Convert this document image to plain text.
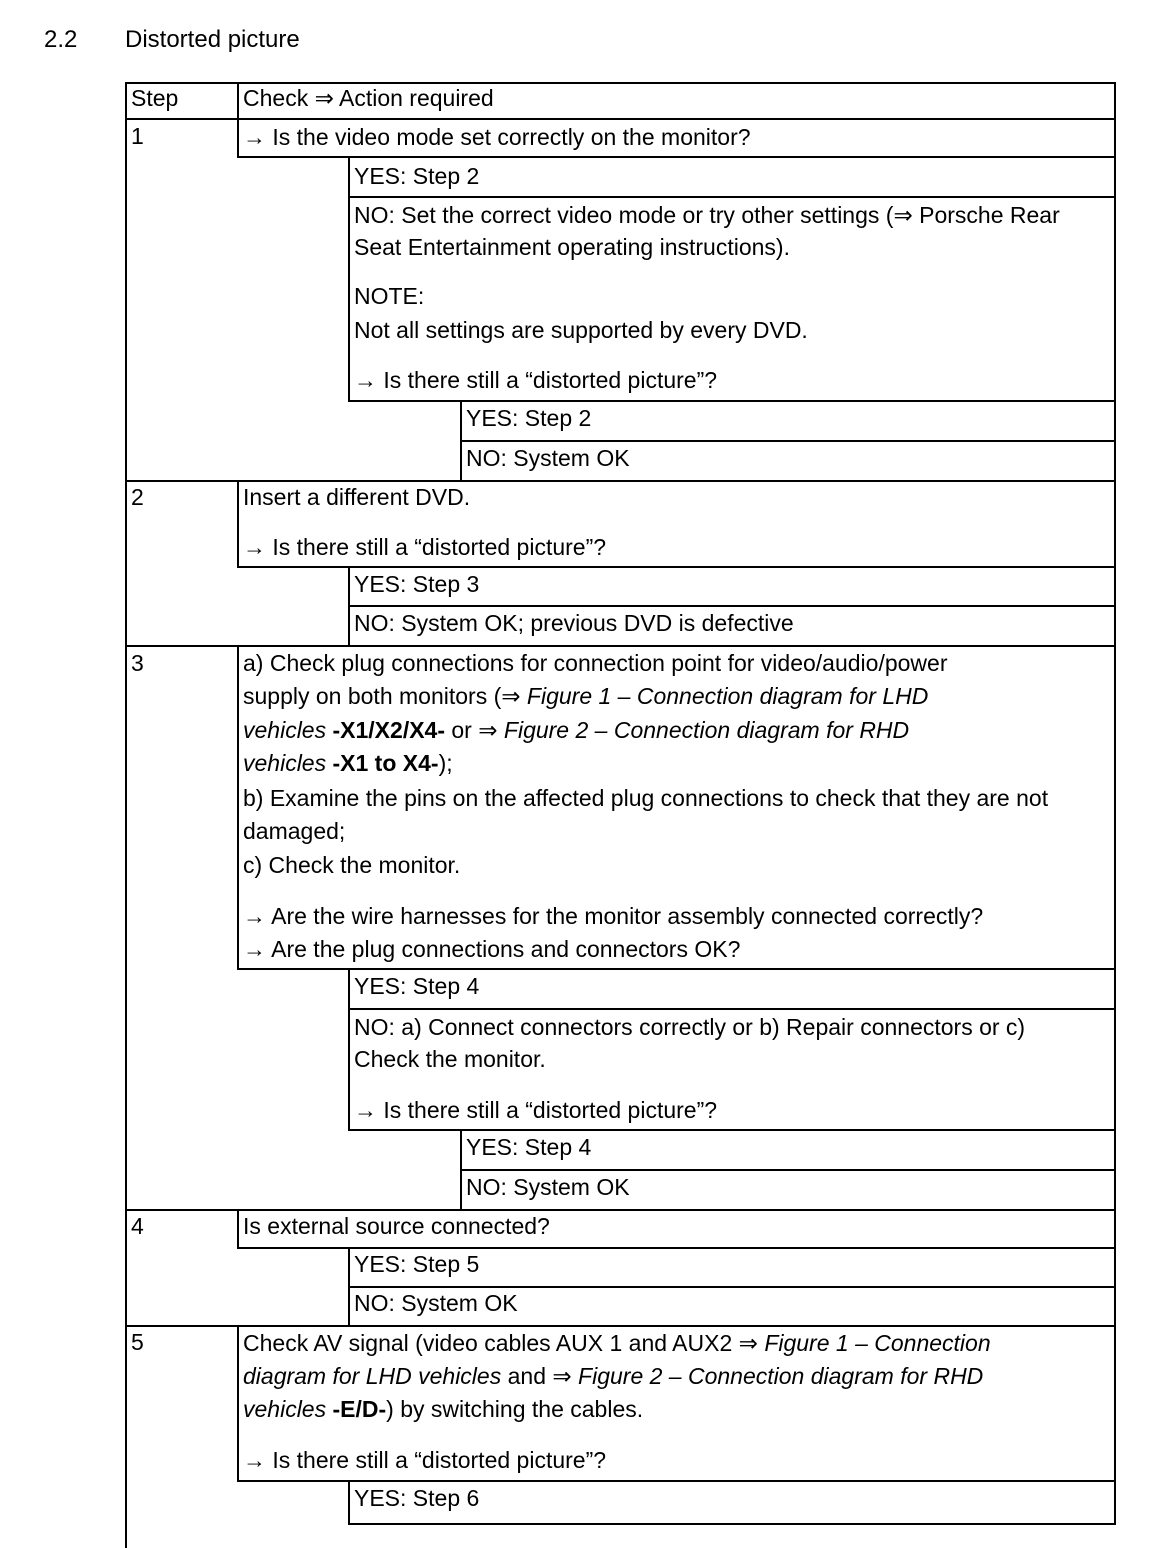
2.2 Distorted picture
Step	Check ⇒ Action required
1	→ Is the video mode set correctly on the monitor?
YES: Step 2
NO: Set the correct video mode or try other settings (⇒ Porsche Rear
Seat Entertainment operating instructions).
NOTE:
Not all settings are supported by every DVD.
→ Is there still a “distorted picture”?
YES: Step 2
NO: System OK
2	Insert a different DVD.
→ Is there still a “distorted picture”?
YES: Step 3
NO: System OK; previous DVD is defective
3	a) Check plug connections for connection point for video/audio/power
supply on both monitors (⇒ Figure 1 – Connection diagram for LHD
vehicles -X1/X2/X4- or ⇒ Figure 2 – Connection diagram for RHD
vehicles -X1 to X4-);
b) Examine the pins on the affected plug connections to check that they are not
damaged;
c) Check the monitor.
→ Are the wire harnesses for the monitor assembly connected correctly?
→ Are the plug connections and connectors OK?
YES: Step 4
NO: a) Connect connectors correctly or b) Repair connectors or c)
Check the monitor.
→ Is there still a “distorted picture”?
YES: Step 4
NO: System OK
4	Is external source connected?
YES: Step 5
NO: System OK
5	Check AV signal (video cables AUX 1 and AUX2 ⇒ Figure 1 – Connection
diagram for LHD vehicles and ⇒ Figure 2 – Connection diagram for RHD
vehicles -E/D-) by switching the cables.
→ Is there still a “distorted picture”?
YES: Step 6
